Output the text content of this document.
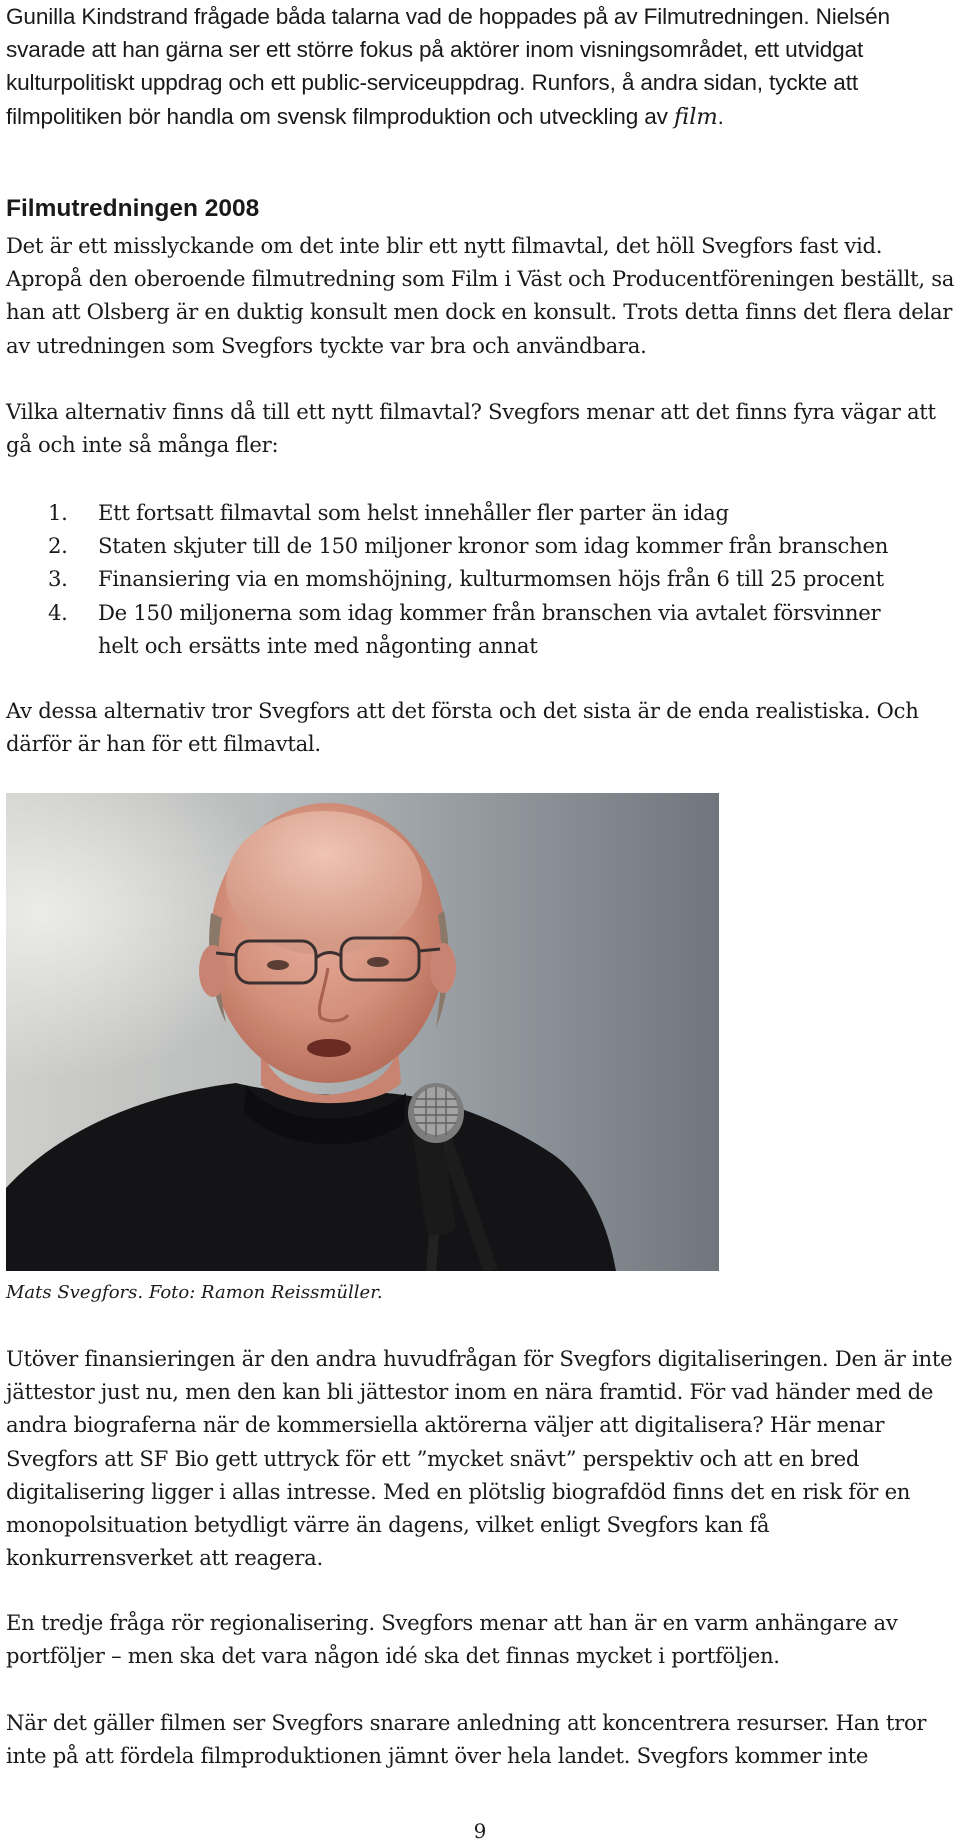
Gunilla Kindstrand frågade båda talarna vad de hoppades på av Filmutredningen. Nielsén svarade att han gärna ser ett större fokus på aktörer inom visningsområdet, ett utvidgat kulturpolitiskt uppdrag och ett public-serviceuppdrag. Runfors, å andra sidan, tyckte att filmpolitiken bör handla om svensk filmproduktion och utveckling av film.

Filmutredningen 2008

Det är ett misslyckande om det inte blir ett nytt filmavtal, det höll Svegfors fast vid. Apropå den oberoende filmutredning som Film i Väst och Producentföreningen beställt, sa han att Olsberg är en duktig konsult men dock en konsult. Trots detta finns det flera delar av utredningen som Svegfors tyckte var bra och användbara.

Vilka alternativ finns då till ett nytt filmavtal? Svegfors menar att det finns fyra vägar att gå och inte så många fler:

1. Ett fortsatt filmavtal som helst innehåller fler parter än idag
2. Staten skjuter till de 150 miljoner kronor som idag kommer från branschen
3. Finansiering via en momshöjning, kulturmomsen höjs från 6 till 25 procent
4. De 150 miljonerna som idag kommer från branschen via avtalet försvinner helt och ersätts inte med någonting annat

Av dessa alternativ tror Svegfors att det första och det sista är de enda realistiska. Och därför är han för ett filmavtal.

Mats Svegfors. Foto: Ramon Reissmüller.

Utöver finansieringen är den andra huvudfrågan för Svegfors digitaliseringen. Den är inte jättestor just nu, men den kan bli jättestor inom en nära framtid. För vad händer med de andra biograferna när de kommersiella aktörerna väljer att digitalisera? Här menar Svegfors att SF Bio gett uttryck för ett ”mycket snävt” perspektiv och att en bred digitalisering ligger i allas intresse. Med en plötslig biografdöd finns det en risk för en monopolsituation betydligt värre än dagens, vilket enligt Svegfors kan få konkurrensverket att reagera.

En tredje fråga rör regionalisering. Svegfors menar att han är en varm anhängare av portföljer – men ska det vara någon idé ska det finnas mycket i portföljen.

När det gäller filmen ser Svegfors snarare anledning att koncentrera resurser. Han tror inte på att fördela filmproduktionen jämnt över hela landet. Svegfors kommer inte

9
